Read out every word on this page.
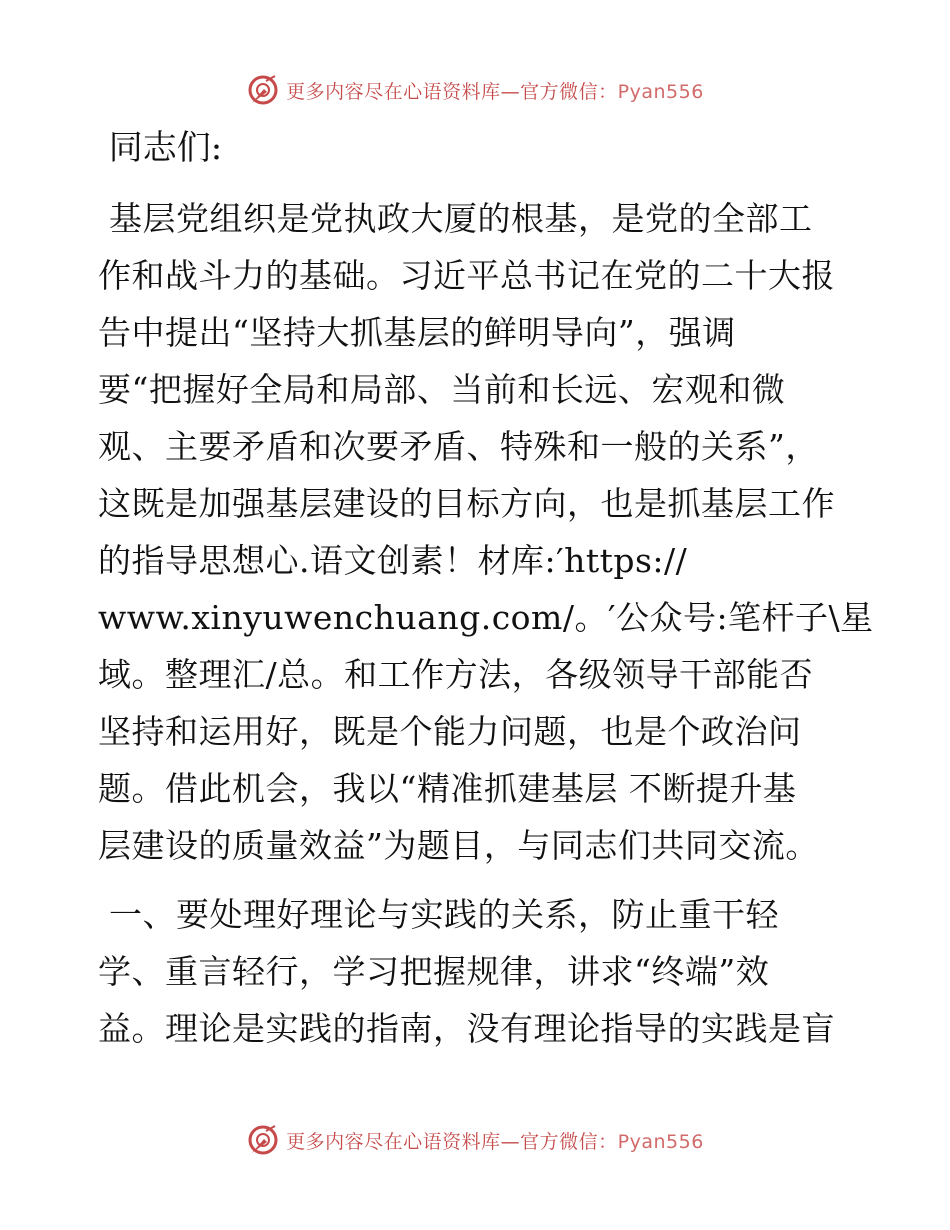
更多内容尽在心语资料库—官方微信：Pyan556
同志们:
基层党组织是党执政大厦的根基，是党的全部工
作和战斗力的基础。习近平总书记在党的二十大报
告中提出“坚持大抓基层的鲜明导向”，强调
要“把握好全局和局部、当前和长远、宏观和微
观、主要矛盾和次要矛盾、特殊和一般的关系”，
这既是加强基层建设的目标方向，也是抓基层工作
的指导思想心.语文创素！材库:′https://
www.xinyuwenchuang.com/。′公众号:笔杆子\星
域。整理汇/总。和工作方法，各级领导干部能否
坚持和运用好，既是个能力问题，也是个政治问
题。借此机会，我以“精准抓建基层 不断提升基
层建设的质量效益”为题目，与同志们共同交流。
一、要处理好理论与实践的关系，防止重干轻
学、重言轻行，学习把握规律，讲求“终端”效
益。理论是实践的指南，没有理论指导的实践是盲
更多内容尽在心语资料库—官方微信：Pyan556
